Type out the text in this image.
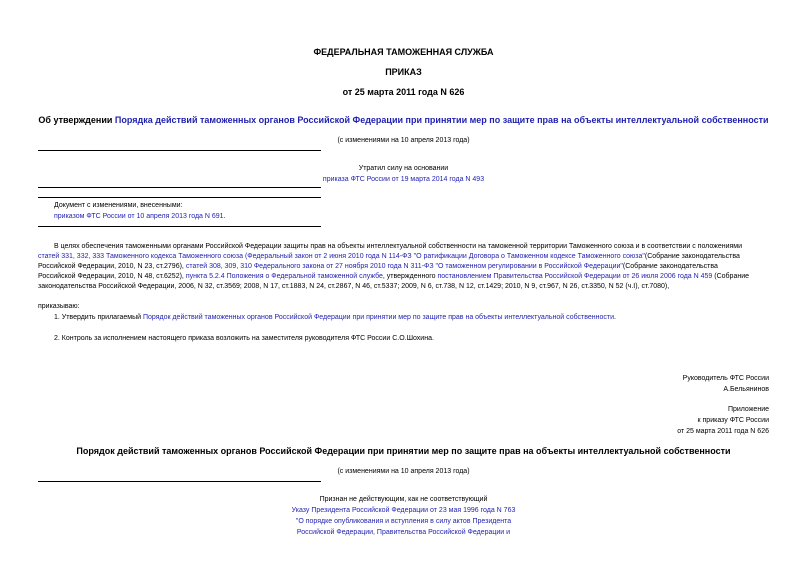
ФЕДЕРАЛЬНАЯ ТАМОЖЕННАЯ СЛУЖБА
ПРИКАЗ
от 25 марта 2011 года N 626
Об утверждении Порядка действий таможенных органов Российской Федерации при принятии мер по защите прав на объекты интеллектуальной собственности
(с изменениями на 10 апреля 2013 года)
Утратил силу на основании
приказа ФТС России от 19 марта 2014 года N 493
Документ с изменениями, внесенными:
приказом ФТС России от 10 апреля 2013 года N 691.
В целях обеспечения таможенными органами Российской Федерации защиты прав на объекты интеллектуальной собственности на таможенной территории Таможенного союза и в соответствии с положениями
статей 331, 332, 333 Таможенного кодекса Таможенного союза (Федеральный закон от 2 июня 2010 года N 114-ФЗ "О ратификации Договора о Таможенном кодексе Таможенного союза"(Собрание законодательства
Российской Федерации, 2010, N 23, ст.2796), статей 308, 309, 310 Федерального закона от 27 ноября 2010 года N 311-ФЗ "О таможенном регулировании в Российской Федерации"(Собрание законодательства
Российской Федерации, 2010, N 48, ст.6252), пункта 5.2.4 Положения о Федеральной таможенной службе, утвержденного постановлением Правительства Российской Федерации от 26 июля 2006 года N 459 (Собрание
законодательства Российской Федерации, 2006, N 32, ст.3569; 2008, N 17, ст.1883, N 24, ст.2867, N 46, ст.5337; 2009, N 6, ст.738, N 12, ст.1429; 2010, N 9, ст.967, N 26, ст.3350, N 52 (ч.I), ст.7080),
приказываю:
1. Утвердить прилагаемый Порядок действий таможенных органов Российской Федерации при принятии мер по защите прав на объекты интеллектуальной собственности.
2. Контроль за исполнением настоящего приказа возложить на заместителя руководителя ФТС России С.О.Шохина.
Руководитель ФТС России
А.Бельянинов
Приложение
к приказу ФТС России
от 25 марта 2011 года N 626
Порядок действий таможенных органов Российской Федерации при принятии мер по защите прав на объекты интеллектуальной собственности
(с изменениями на 10 апреля 2013 года)
Признан не действующим, как не соответствующий
Указу Президента Российской Федерации от 23 мая 1996 года N 763
"О порядке опубликования и вступления в силу актов Президента
Российской Федерации, Правительства Российской Федерации и
